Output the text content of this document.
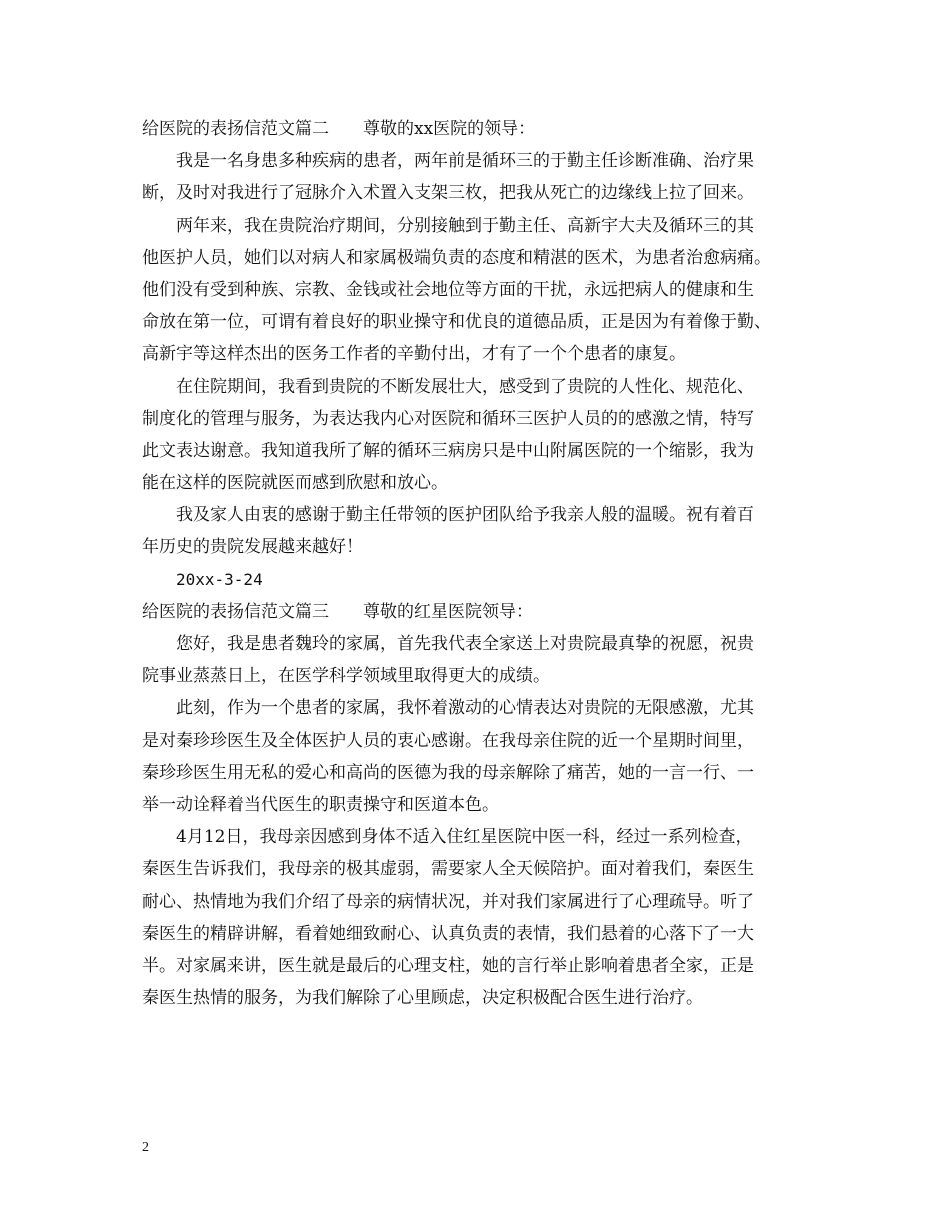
给医院的表扬信范文篇二 尊敬的xx医院的领导：
我是一名身患多种疾病的患者，两年前是循环三的于勤主任诊断准确、治疗果
断，及时对我进行了冠脉介入术置入支架三枚，把我从死亡的边缘线上拉了回来。
两年来，我在贵院治疗期间，分别接触到于勤主任、高新宇大夫及循环三的其
他医护人员，她们以对病人和家属极端负责的态度和精湛的医术，为患者治愈病痛。
他们没有受到种族、宗教、金钱或社会地位等方面的干扰，永远把病人的健康和生
命放在第一位，可谓有着良好的职业操守和优良的道德品质，正是因为有着像于勤、
高新宇等这样杰出的医务工作者的辛勤付出，才有了一个个患者的康复。
在住院期间，我看到贵院的不断发展壮大，感受到了贵院的人性化、规范化、
制度化的管理与服务，为表达我内心对医院和循环三医护人员的的感激之情，特写
此文表达谢意。我知道我所了解的循环三病房只是中山附属医院的一个缩影，我为
能在这样的医院就医而感到欣慰和放心。
我及家人由衷的感谢于勤主任带领的医护团队给予我亲人般的温暖。祝有着百
年历史的贵院发展越来越好！
20xx-3-24
给医院的表扬信范文篇三 尊敬的红星医院领导：
您好，我是患者魏玲的家属，首先我代表全家送上对贵院最真挚的祝愿，祝贵
院事业蒸蒸日上，在医学科学领域里取得更大的成绩。
此刻，作为一个患者的家属，我怀着激动的心情表达对贵院的无限感激，尤其
是对秦珍珍医生及全体医护人员的衷心感谢。在我母亲住院的近一个星期时间里，
秦珍珍医生用无私的爱心和高尚的医德为我的母亲解除了痛苦，她的一言一行、一
举一动诠释着当代医生的职责操守和医道本色。
4月12日，我母亲因感到身体不适入住红星医院中医一科，经过一系列检查，
秦医生告诉我们，我母亲的极其虚弱，需要家人全天候陪护。面对着我们，秦医生
耐心、热情地为我们介绍了母亲的病情状况，并对我们家属进行了心理疏导。听了
秦医生的精辟讲解，看着她细致耐心、认真负责的表情，我们悬着的心落下了一大
半。对家属来讲，医生就是最后的心理支柱，她的言行举止影响着患者全家，正是
秦医生热情的服务，为我们解除了心里顾虑，决定积极配合医生进行治疗。
2
